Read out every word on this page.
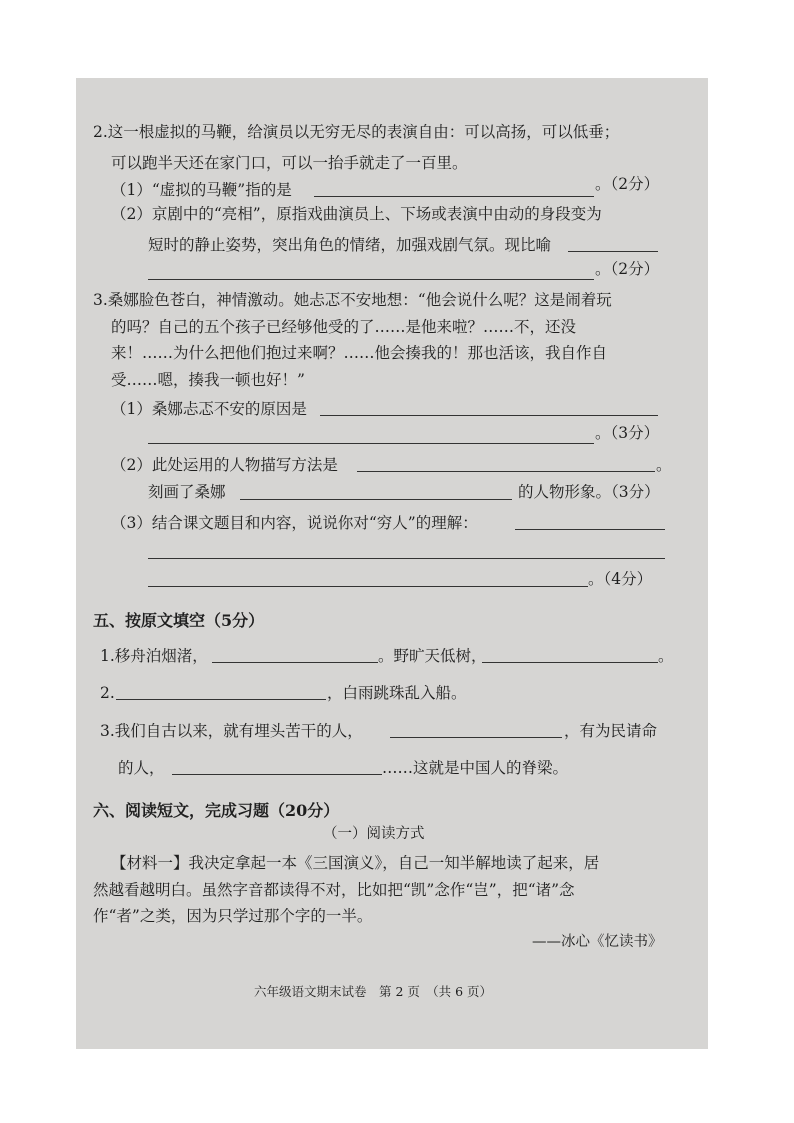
2.这一根虚拟的马鞭，给演员以无穷无尽的表演自由：可以高扬，可以低垂；
可以跑半天还在家门口，可以一抬手就走了一百里。
（1）“虚拟的马鞭”指的是	。（2分）
（2）京剧中的“亮相”，原指戏曲演员上、下场或表演中由动的身段变为
短时的静止姿势，突出角色的情绪，加强戏剧气氛。现比喻
。（2分）
3.桑娜脸色苍白，神情激动。她忐忑不安地想：“他会说什么呢？这是闹着玩
的吗？自己的五个孩子已经够他受的了……是他来啦？……不，还没
来！……为什么把他们抱过来啊？……他会揍我的！那也活该，我自作自
受……嗯，揍我一顿也好！”
（1）桑娜忐忑不安的原因是
。（3分）
（2）此处运用的人物描写方法是	。
刻画了桑娜	的人物形象。（3分）
（3）结合课文题目和内容，说说你对“穷人”的理解：
。（4分）
五、按原文填空（5分）
1.移舟泊烟渚，	。野旷天低树，	。
2.	，白雨跳珠乱入船。
3.我们自古以来，就有埋头苦干的人，	，有为民请命
的人，	……这就是中国人的脊梁。
六、阅读短文，完成习题（20分）
（一）阅读方式
【材料一】我决定拿起一本《三国演义》，自己一知半解地读了起来，居
然越看越明白。虽然字音都读得不对，比如把“凯”念作“岂”，把“诸”念
作“者”之类，因为只学过那个字的一半。
——冰心《忆读书》
六年级语文期末试卷　第 2 页　（共 6 页）
